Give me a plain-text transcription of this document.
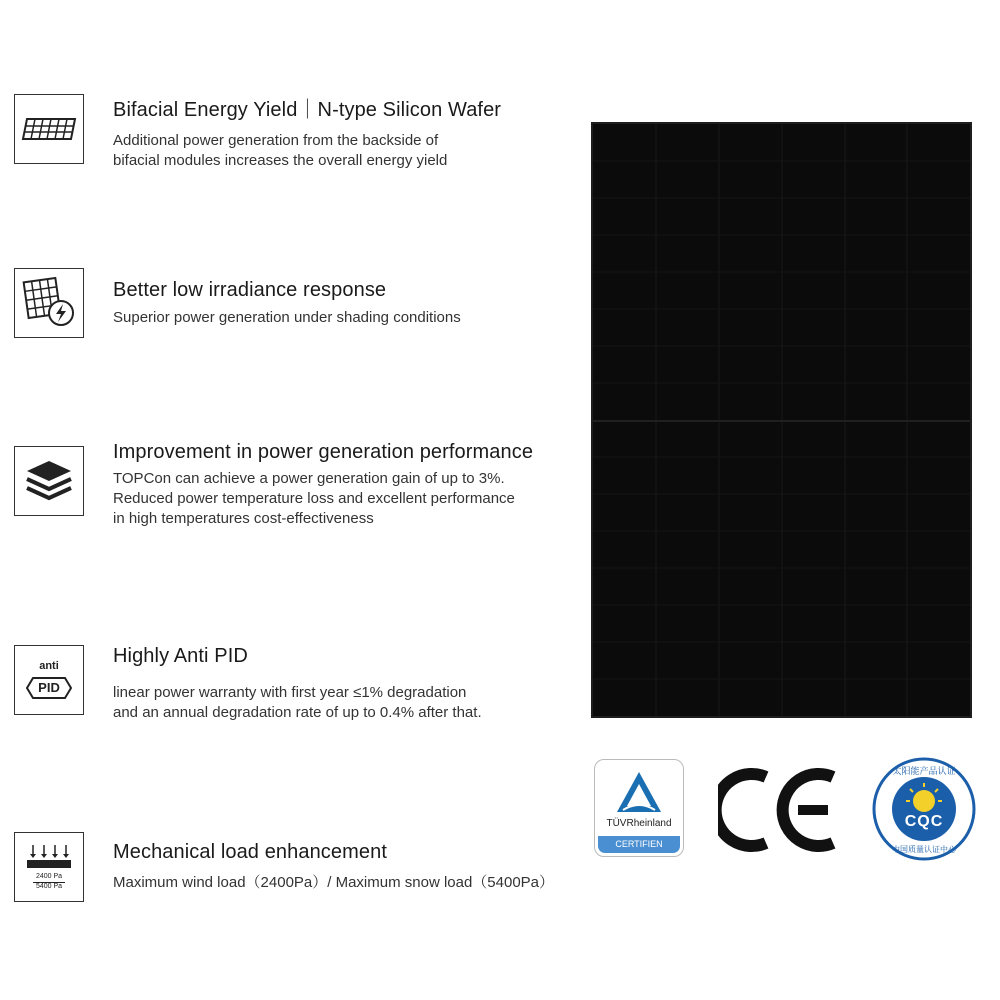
Bifacial Energy Yield｜N-type Silicon Wafer
Additional power generation from the backside of
bifacial modules increases the overall energy yield
Better low irradiance response
Superior power generation under shading conditions
Improvement in power generation performance
TOPCon can achieve a power generation gain of up to 3%.
Reduced power temperature loss and excellent performance
in high temperatures cost-effectiveness
anti
PID
Highly Anti PID
linear power warranty with first year ≤1% degradation
and an annual degradation rate of up to 0.4% after that.
2400 Pa
5400 Pa
Mechanical load enhancement
Maximum wind load（2400Pa）/ Maximum snow load（5400Pa）
TÜVRheinland
CERTIFIEN
太阳能产品认证
CQC
中国质量认证中心
